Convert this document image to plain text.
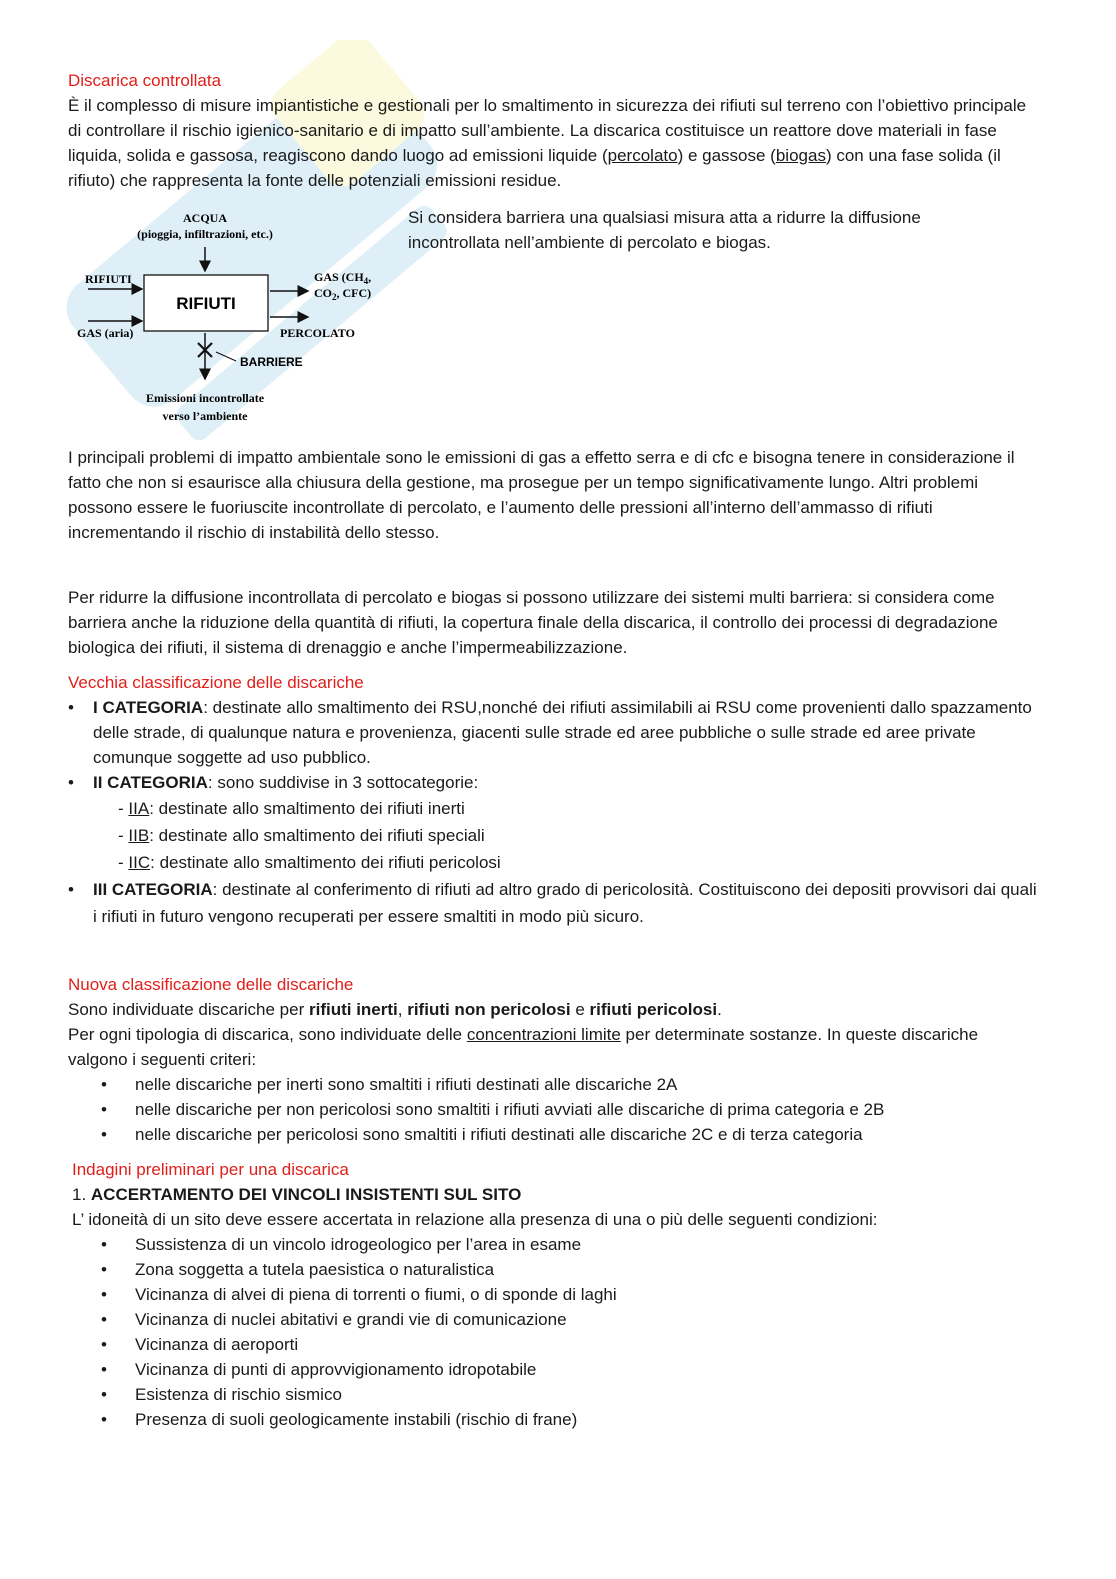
Discarica controllata

È il complesso di misure impiantistiche e gestionali per lo smaltimento in sicurezza dei rifiuti sul terreno con l’obiettivo principale di controllare il rischio igienico-sanitario e di impatto sull’ambiente. La discarica costituisce un reattore dove materiali in fase liquida, solida e gassosa, reagiscono dando luogo ad emissioni liquide (percolato) e gassose (biogas) con una fase solida (il rifiuto) che rappresenta la fonte delle potenziali emissioni residue.

ACQUA
(pioggia, infiltrazioni, etc.)
RIFIUTI
RIFIUTI
GAS (aria)
GAS ($CH_4$,
$CO_2$, CFC)
PERCOLATO
BARRIERE
Emissioni incontrollate
verso l’ambiente

Si considera barriera una qualsiasi misura atta a ridurre la diffusione incontrollata nell’ambiente di percolato e biogas.

I principali problemi di impatto ambientale sono le emissioni di gas a effetto serra e di cfc e bisogna tenere in considerazione il fatto che non si esaurisce alla chiusura della gestione, ma prosegue per un tempo significativamente lungo. Altri problemi possono essere le fuoriuscite incontrollate di percolato, e l’aumento delle pressioni all’interno dell’ammasso di rifiuti incrementando il rischio di instabilità dello stesso.

Per ridurre la diffusione incontrollata di percolato e biogas si possono utilizzare dei sistemi multi barriera: si considera come barriera anche la riduzione della quantità di rifiuti, la copertura finale della discarica, il controllo dei processi di degradazione biologica dei rifiuti, il sistema di drenaggio e anche l’impermeabilizzazione.

Vecchia classificazione delle discariche

• I CATEGORIA: destinate allo smaltimento dei RSU,nonché dei rifiuti assimilabili ai RSU come provenienti dallo spazzamento delle strade, di qualunque natura e provenienza, giacenti sulle strade ed aree pubbliche o sulle strade ed aree private comunque soggette ad uso pubblico.
• II CATEGORIA: sono suddivise in 3 sottocategorie:
- IIA: destinate allo smaltimento dei rifiuti inerti
- IIB: destinate allo smaltimento dei rifiuti speciali
- IIC: destinate allo smaltimento dei rifiuti pericolosi
• III CATEGORIA: destinate al conferimento di rifiuti ad altro grado di pericolosità. Costituiscono dei depositi provvisori dai quali i rifiuti in futuro vengono recuperati per essere smaltiti in modo più sicuro.

Nuova classificazione delle discariche

Sono individuate discariche per rifiuti inerti, rifiuti non pericolosi e rifiuti pericolosi.

Per ogni tipologia di discarica, sono individuate delle concentrazioni limite per determinate sostanze. In queste discariche valgono i seguenti criteri:

• nelle discariche per inerti sono smaltiti i rifiuti destinati alle discariche 2A
• nelle discariche per non pericolosi sono smaltiti i rifiuti avviati alle discariche di prima categoria e 2B
• nelle discariche per pericolosi sono smaltiti i rifiuti destinati alle discariche 2C e di terza categoria

Indagini preliminari per una discarica

1. ACCERTAMENTO DEI VINCOLI INSISTENTI SUL SITO

L’ idoneità di un sito deve essere accertata in relazione alla presenza di una o più delle seguenti condizioni:

• Sussistenza di un vincolo idrogeologico per l’area in esame
• Zona soggetta a tutela paesistica o naturalistica
• Vicinanza di alvei di piena di torrenti o fiumi, o di sponde di laghi
• Vicinanza di nuclei abitativi e grandi vie di comunicazione
• Vicinanza di aeroporti
• Vicinanza di punti di approvvigionamento idropotabile
• Esistenza di rischio sismico
• Presenza di suoli geologicamente instabili (rischio di frane)
